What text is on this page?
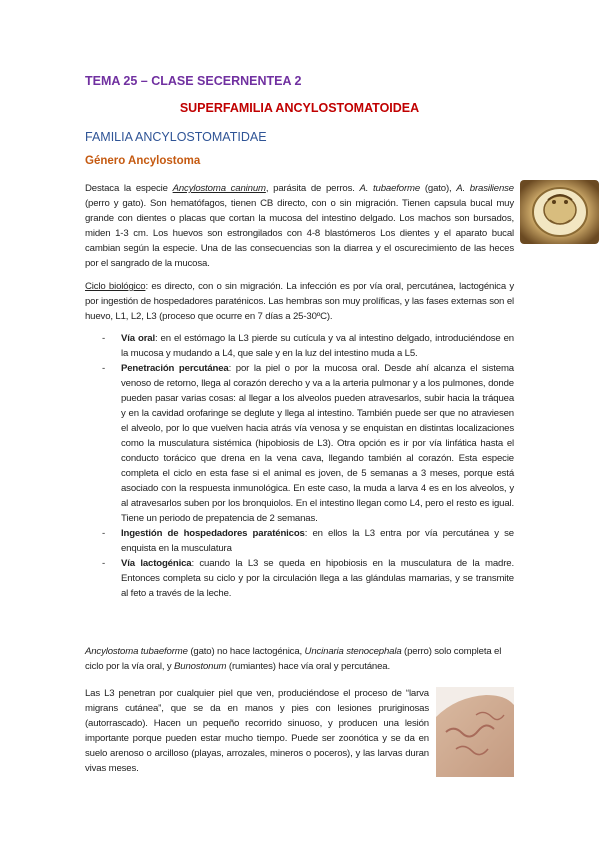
TEMA 25 – CLASE SECERNENTEA 2
SUPERFAMILIA ANCYLOSTOMATOIDEA
FAMILIA ANCYLOSTOMATIDAE
Género Ancylostoma
Destaca la especie Ancylostoma caninum, parásita de perros. A. tubaeforme (gato), A. brasiliense (perro y gato). Son hematófagos, tienen CB directo, con o sin migración. Tienen capsula bucal muy grande con dientes o placas que cortan la mucosa del intestino delgado. Los machos son bursados, miden 1-3 cm. Los huevos son estrongilados con 4-8 blastómeros Los dientes y el aparato bucal cambian según la especie. Una de las consecuencias son la diarrea y el oscurecimiento de las heces por el sangrado de la mucosa.
Ciclo biológico: es directo, con o sin migración. La infección es por vía oral, percutánea, lactogénica y por ingestión de hospedadores paraténicos. Las hembras son muy prolíficas, y las fases externas son el huevo, L1, L2, L3 (proceso que ocurre en 7 días a 25-30ºC).
- Vía oral: en el estómago la L3 pierde su cutícula y va al intestino delgado, introduciéndose en la mucosa y mudando a L4, que sale y en la luz del intestino muda a L5.
- Penetración percutánea: por la piel o por la mucosa oral. Desde ahí alcanza el sistema venoso de retorno, llega al corazón derecho y va a la arteria pulmonar y a los pulmones, donde pueden pasar varias cosas: al llegar a los alveolos pueden atravesarlos, subir hacia la tráquea y en la cavidad orofaringe se deglute y llega al intestino. También puede ser que no atraviesen el alveolo, por lo que vuelven hacia atrás vía venosa y se enquistan en distintas localizaciones como la musculatura sistémica (hipobiosis de L3). Otra opción es ir por vía linfática hasta el conducto torácico que drena en la vena cava, llegando también al corazón. Esta especie completa el ciclo en esta fase si el animal es joven, de 5 semanas a 3 meses, porque está asociado con la respuesta inmunológica. En este caso, la muda a larva 4 es en los alveolos, y al atravesarlos suben por los bronquiolos. En el intestino llegan como L4, pero el resto es igual. Tiene un periodo de prepatencia de 2 semanas.
- Ingestión de hospedadores paraténicos: en ellos la L3 entra por vía percutánea y se enquista en la musculatura
- Vía lactogénica: cuando la L3 se queda en hipobiosis en la musculatura de la madre. Entonces completa su ciclo y por la circulación llega a las glándulas mamarias, y se transmite al feto a través de la leche.
Ancylostoma tubaeforme (gato) no hace lactogénica, Uncinaria stenocephala (perro) solo completa el ciclo por la vía oral, y Bunostonum (rumiantes) hace vía oral y percutánea.
Las L3 penetran por cualquier piel que ven, produciéndose el proceso de “larva migrans cutánea”, que se da en manos y pies con lesiones pruriginosas (autorrascado). Hacen un pequeño recorrido sinuoso, y producen una lesión importante porque pueden estar mucho tiempo. Puede ser zoonótica y se da en suelo arenoso o arcilloso (playas, arrozales, mineros o poceros), y las larvas duran vivas meses.
